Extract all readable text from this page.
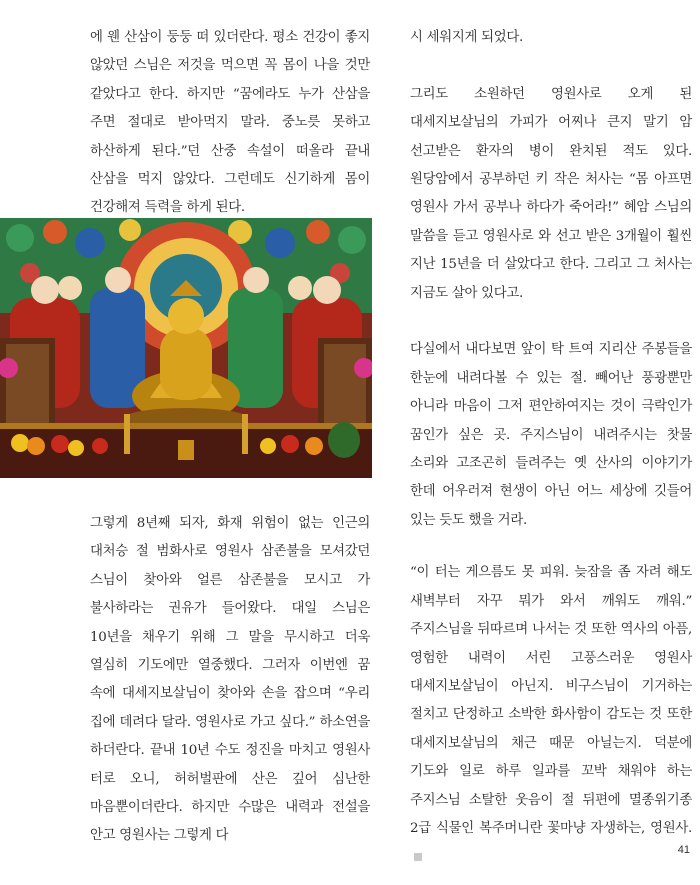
에 웬 산삼이 둥둥 떠 있더란다. 평소 건강이 좋지 않았던 스님은 저것을 먹으면 꼭 몸이 나을 것만 같았다고 한다. 하지만 “꿈에라도 누가 산삼을 주면 절대로 받아먹지 말라. 중노릇 못하고 하산하게 된다.”던 산중 속설이 떠올라 끝내 산삼을 먹지 않았다. 그런데도 신기하게 몸이 건강해져 득력을 하게 된다.

그렇게 8년째 되자, 화재 위험이 없는 인근의 대처승 절 범화사로 영원사 삼존불을 모셔갔던 스님이 찾아와 얼른 삼존불을 모시고 가 불사하라는 권유가 들어왔다. 대일 스님은 10년을 채우기 위해 그 말을 무시하고 더욱 열심히 기도에만 열중했다. 그러자 이번엔 꿈 속에 대세지보살님이 찾아와 손을 잡으며 “우리 집에 데려다 달라. 영원사로 가고 싶다.” 하소연을 하더란다. 끝내 10년 수도 정진을 마치고 영원사 터로 오니, 허허벌판에 산은 깊어 심난한 마음뿐이더란다. 하지만 수많은 내력과 전설을 안고 영원사는 그렇게 다

시 세워지게 되었다.

그리도 소원하던 영원사로 오게 된 대세지보살님의 가피가 어찌나 큰지 말기 암 선고받은 환자의 병이 완치된 적도 있다. 원당암에서 공부하던 키 작은 처사는 “몸 아프면 영원사 가서 공부나 하다가 죽어라!” 혜암 스님의 말씀을 듣고 영원사로 와 선고 받은 3개월이 훨씬 지난 15년을 더 살았다고 한다. 그리고 그 처사는 지금도 살아 있다고.

다실에서 내다보면 앞이 탁 트여 지리산 주봉들을 한눈에 내려다볼 수 있는 절. 빼어난 풍광뿐만 아니라 마음이 그저 편안하여지는 것이 극락인가 꿈인가 싶은 곳. 주지스님이 내려주시는 찻물 소리와 고조곤히 들려주는 옛 산사의 이야기가 한데 어우러져 현생이 아닌 어느 세상에 깃들어 있는 듯도 했을 거라.

“이 터는 게으름도 못 피워. 늦잠을 좀 자려 해도 새벽부터 자꾸 뭐가 와서 깨워도 깨워.” 주지스님을 뒤따르며 나서는 것 또한 역사의 아픔, 영험한 내력이 서린 고풍스러운 영원사 대세지보살님이 아닌지. 비구스님이 기거하는 절치고 단정하고 소박한 화사함이 감도는 것 또한 대세지보살님의 채근 때문 아닐는지. 덕분에 기도와 일로 하루 일과를 꼬박 채워야 하는 주지스님 소탈한 웃음이 절 뒤편에 멸종위기종 2급 식물인 복주머니란 꽃마냥 자생하는, 영원사.

41
